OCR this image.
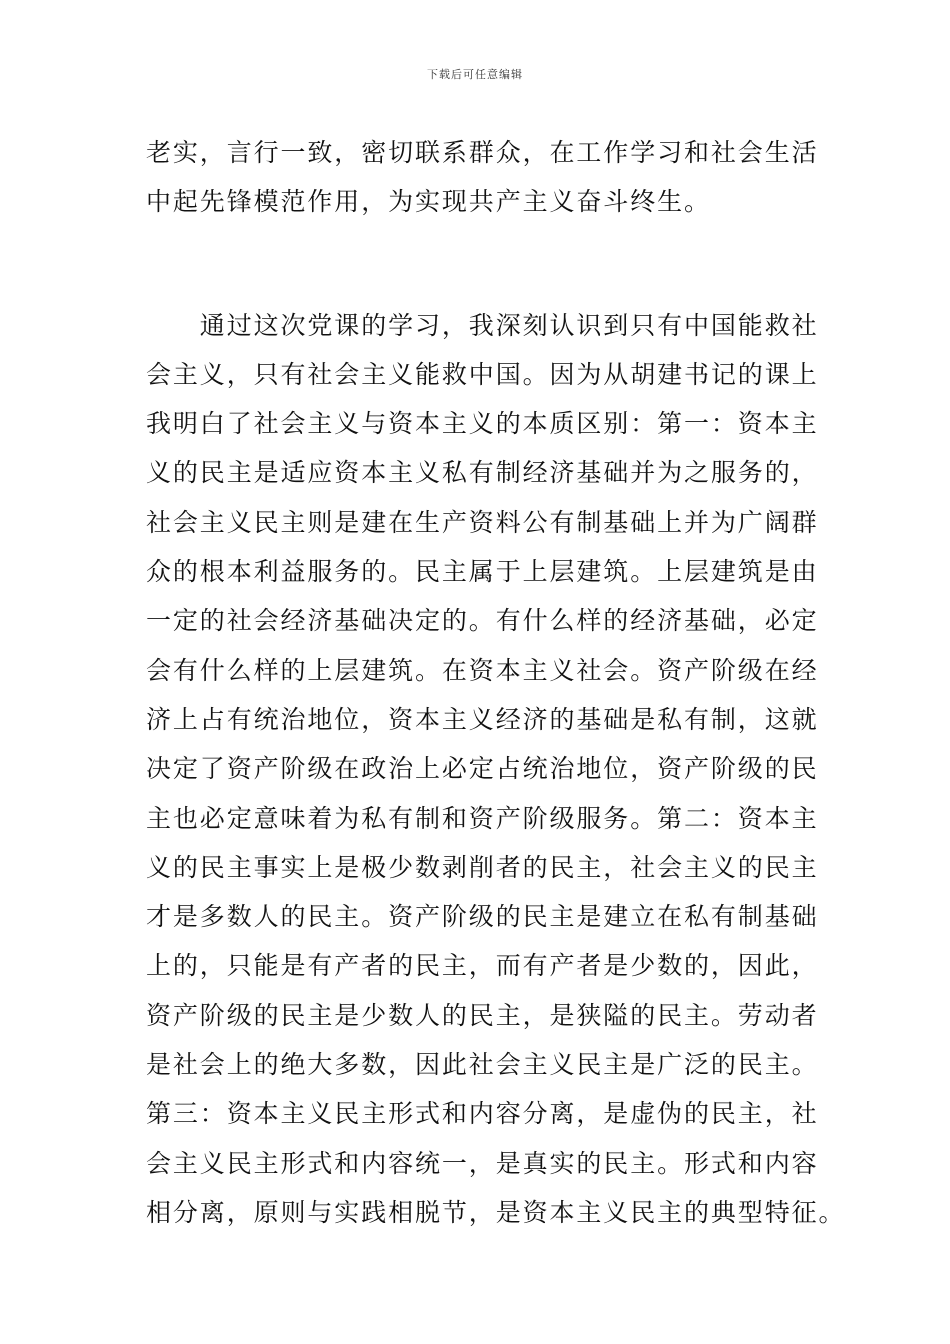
下载后可任意编辑
老实，言行一致，密切联系群众，在工作学习和社会生活
中起先锋模范作用，为实现共产主义奋斗终生。
　　通过这次党课的学习，我深刻认识到只有中国能救社
会主义，只有社会主义能救中国。因为从胡建书记的课上
我明白了社会主义与资本主义的本质区别：第一：资本主
义的民主是适应资本主义私有制经济基础并为之服务的，
社会主义民主则是建在生产资料公有制基础上并为广阔群
众的根本利益服务的。民主属于上层建筑。上层建筑是由
一定的社会经济基础决定的。有什么样的经济基础，必定
会有什么样的上层建筑。在资本主义社会。资产阶级在经
济上占有统治地位，资本主义经济的基础是私有制，这就
决定了资产阶级在政治上必定占统治地位，资产阶级的民
主也必定意味着为私有制和资产阶级服务。第二：资本主
义的民主事实上是极少数剥削者的民主，社会主义的民主
才是多数人的民主。资产阶级的民主是建立在私有制基础
上的，只能是有产者的民主，而有产者是少数的，因此，
资产阶级的民主是少数人的民主，是狭隘的民主。劳动者
是社会上的绝大多数，因此社会主义民主是广泛的民主。
第三：资本主义民主形式和内容分离，是虚伪的民主，社
会主义民主形式和内容统一，是真实的民主。形式和内容
相分离，原则与实践相脱节，是资本主义民主的典型特征。
